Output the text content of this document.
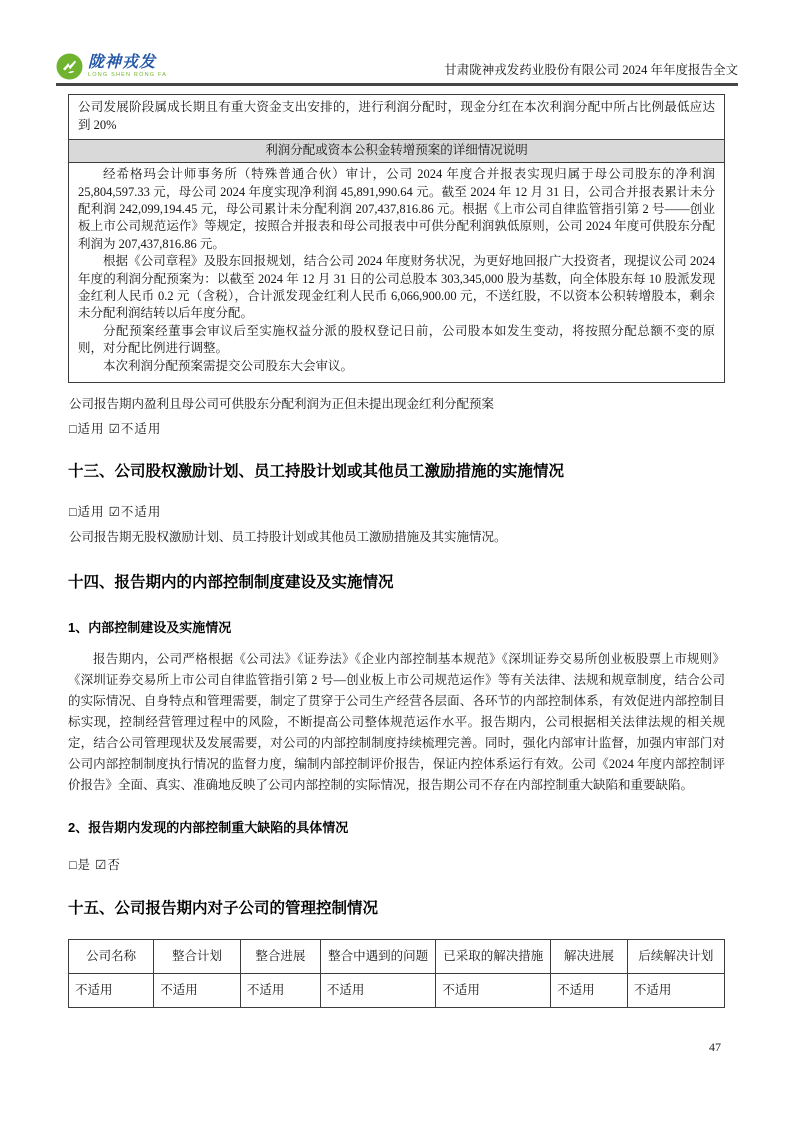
陇神戎发
LONG SHEN RONG FA	甘肃陇神戎发药业股份有限公司 2024 年年度报告全文
公司发展阶段属成长期且有重大资金支出安排的，进行利润分配时，现金分红在本次利润分配中所占比例最低应达到 20%
利润分配或资本公积金转增预案的详细情况说明

经希格玛会计师事务所（特殊普通合伙）审计，公司 2024 年度合并报表实现归属于母公司股东的净利润 25,804,597.33 元，母公司 2024 年度实现净利润 45,891,990.64 元。截至 2024 年 12 月 31 日，公司合并报表累计未分配利润 242,099,194.45 元，母公司累计未分配利润 207,437,816.86 元。根据《上市公司自律监管指引第 2 号——创业板上市公司规范运作》等规定，按照合并报表和母公司报表中可供分配利润孰低原则，公司 2024 年度可供股东分配利润为 207,437,816.86 元。

根据《公司章程》及股东回报规划，结合公司 2024 年度财务状况，为更好地回报广大投资者，现提议公司 2024 年度的利润分配预案为：以截至 2024 年 12 月 31 日的公司总股本 303,345,000 股为基数，向全体股东每 10 股派发现金红利人民币 0.2 元（含税），合计派发现金红利人民币 6,066,900.00 元，不送红股，不以资本公积转增股本，剩余未分配利润结转以后年度分配。

分配预案经董事会审议后至实施权益分派的股权登记日前，公司股本如发生变动，将按照分配总额不变的原则，对分配比例进行调整。

本次利润分配预案需提交公司股东大会审议。

公司报告期内盈利且母公司可供股东分配利润为正但未提出现金红利分配预案
□适用 ☑不适用
十三、公司股权激励计划、员工持股计划或其他员工激励措施的实施情况
□适用 ☑不适用
公司报告期无股权激励计划、员工持股计划或其他员工激励措施及其实施情况。
十四、报告期内的内部控制制度建设及实施情况
1、内部控制建设及实施情况

报告期内，公司严格根据《公司法》《证券法》《企业内部控制基本规范》《深圳证券交易所创业板股票上市规则》《深圳证券交易所上市公司自律监管指引第 2 号—创业板上市公司规范运作》等有关法律、法规和规章制度，结合公司的实际情况、自身特点和管理需要，制定了贯穿于公司生产经营各层面、各环节的内部控制体系，有效促进内部控制目标实现，控制经营管理过程中的风险，不断提高公司整体规范运作水平。报告期内，公司根据相关法律法规的相关规定，结合公司管理现状及发展需要，对公司的内部控制制度持续梳理完善。同时，强化内部审计监督，加强内审部门对公司内部控制制度执行情况的监督力度，编制内部控制评价报告，保证内控体系运行有效。公司《2024 年度内部控制评价报告》全面、真实、准确地反映了公司内部控制的实际情况，报告期公司不存在内部控制重大缺陷和重要缺陷。

2、报告期内发现的内部控制重大缺陷的具体情况
□是 ☑否
十五、公司报告期内对子公司的管理控制情况
公司名称	整合计划	整合进展	整合中遇到的问题	已采取的解决措施	解决进展	后续解决计划
不适用	不适用	不适用	不适用	不适用	不适用	不适用
47
